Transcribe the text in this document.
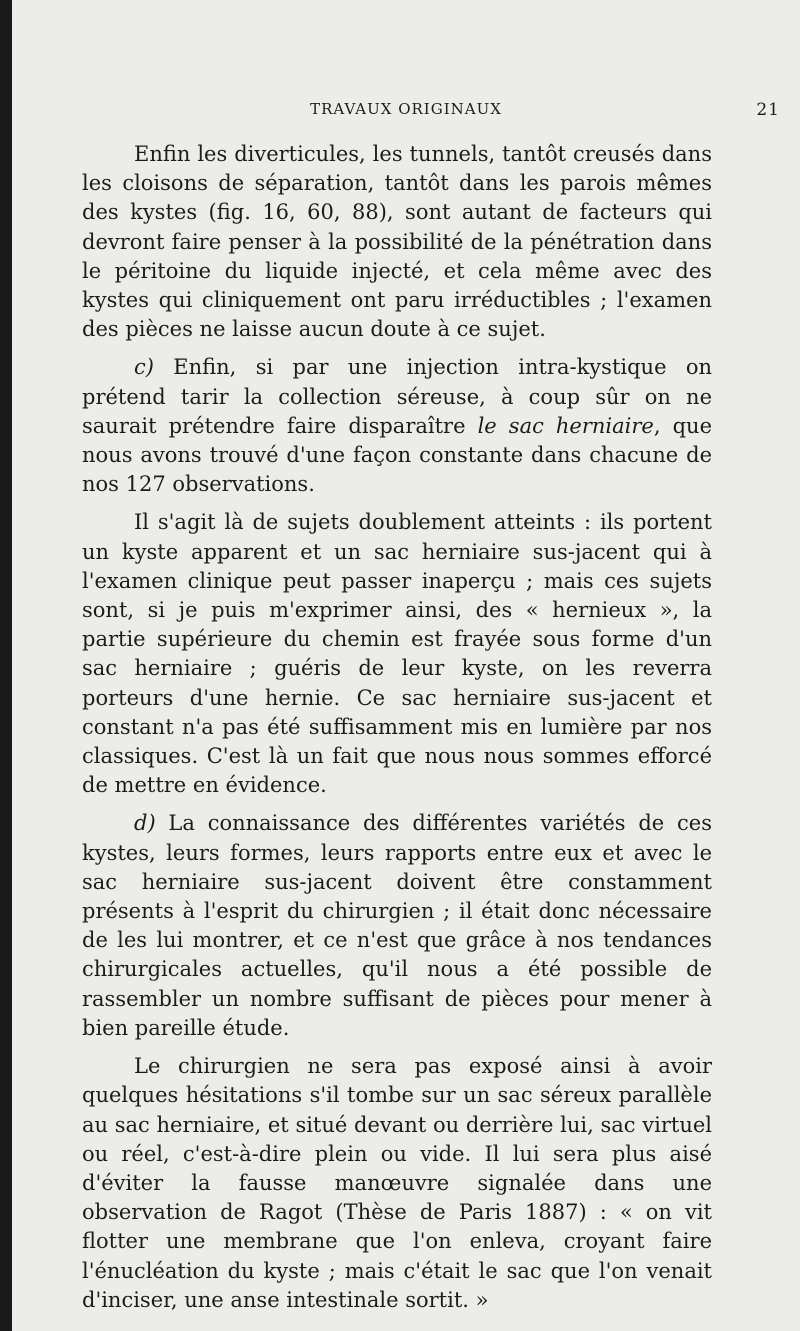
TRAVAUX ORIGINAUX	21

Enfin les diverticules, les tunnels, tantôt creusés dans les cloisons de séparation, tantôt dans les parois mêmes des kystes (fig. 16, 60, 88), sont autant de facteurs qui devront faire penser à la possibilité de la pénétration dans le péritoine du liquide injecté, et cela même avec des kystes qui cliniquement ont paru irréductibles ; l'examen des pièces ne laisse aucun doute à ce sujet.

c) Enfin, si par une injection intra-kystique on prétend tarir la collection séreuse, à coup sûr on ne saurait prétendre faire disparaître le sac herniaire, que nous avons trouvé d'une façon constante dans chacune de nos 127 observations.

Il s'agit là de sujets doublement atteints : ils portent un kyste apparent et un sac herniaire sus-jacent qui à l'examen clinique peut passer inaperçu ; mais ces sujets sont, si je puis m'exprimer ainsi, des « hernieux », la partie supérieure du chemin est frayée sous forme d'un sac herniaire ; guéris de leur kyste, on les reverra porteurs d'une hernie. Ce sac herniaire sus-jacent et constant n'a pas été suffisamment mis en lumière par nos classiques. C'est là un fait que nous nous sommes efforcé de mettre en évidence.

d) La connaissance des différentes variétés de ces kystes, leurs formes, leurs rapports entre eux et avec le sac herniaire sus-jacent doivent être constamment présents à l'esprit du chirurgien ; il était donc nécessaire de les lui montrer, et ce n'est que grâce à nos tendances chirurgicales actuelles, qu'il nous a été possible de rassembler un nombre suffisant de pièces pour mener à bien pareille étude.

Le chirurgien ne sera pas exposé ainsi à avoir quelques hésitations s'il tombe sur un sac séreux parallèle au sac herniaire, et situé devant ou derrière lui, sac virtuel ou réel, c'est-à-dire plein ou vide. Il lui sera plus aisé d'éviter la fausse manœuvre signalée dans une observation de Ragot (Thèse de Paris 1887) : « on vit flotter une membrane que l'on enleva, croyant faire l'énucléation du kyste ; mais c'était le sac que l'on venait d'inciser, une anse intestinale sortit. »
